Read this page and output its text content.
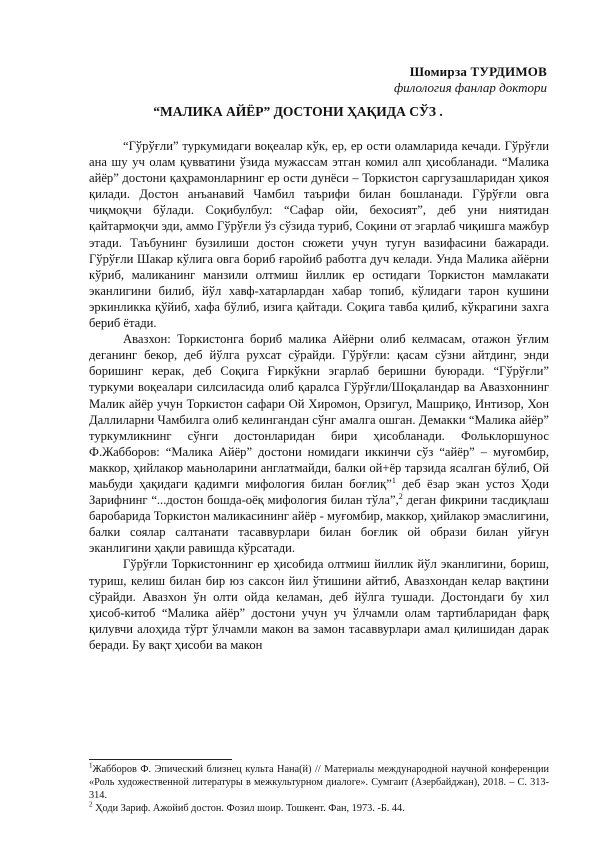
Шомирза ТУРДИМОВ
филология фанлар доктори
“МАЛИКА АЙЁР” ДОСТОНИ ҲАҚИДА СЎЗ .

“Гўрўғли” туркумидаги воқеалар кўк, ер, ер ости оламларида кечади. Гўрўғли ана шу уч олам қувватини ўзида мужассам этган комил алп ҳисобланади. “Малика айёр” достони қаҳрамонларнинг ер ости дунёси – Торкистон саргузашларидан ҳикоя қилади. Достон анъанавий Чамбил таърифи билан бошланади. Гўрўғли овга чиқмоқчи бўлади. Соқибулбул: “Сафар ойи, бехосият”, деб уни ниятидан қайтармоқчи эди, аммо Гўрўғли ўз сўзида туриб, Соқини от эгарлаб чиқишга мажбур этади. Таъбунинг бузилиши достон сюжети учун тугун вазифасини бажаради. Гўрўғли Шакар кўлига овга бориб ғаройиб работга дуч келади. Унда Малика айёрни кўриб, маликанинг манзили олтмиш йиллик ер остидаги Торкистон мамлакати эканлигини билиб, йўл хавф-хатарлардан хабар топиб, кўлидаги тарон кушини эркинликка қўйиб, хафа бўлиб, изига қайтади. Соқига тавба қилиб, кўкрагини захга бериб ётади.

Авазхон: Торкистонга бориб малика Айёрни олиб келмасам, отажон ўғлим деганинг бекор, деб йўлга рухсат сўрайди. Гўрўғли: қасам сўзни айтдинг, энди боришинг керак, деб Соқига Ғиркўкни эгарлаб беришни буюради. “Гўрўғли” туркуми воқеалари силсиласида олиб қаралса Гўрўғли/Шоқаландар ва Авазхоннинг Малик айёр учун Торкистон сафари Ой Хиромон, Орзигул, Машриқо, Интизор, Хон Даллиларни Чамбилга олиб келингандан сўнг амалга ошган. Демакки “Малика айёр” туркумликнинг сўнги достонларидан бири ҳисобланади. Фольклоршунос Ф.Жабборов: “Малика Айёр” достони номидаги иккинчи сўз “айёр” – муғомбир, маккор, ҳийлакор маьноларини англатмайди, балки ой+ёр тарзида ясалган бўлиб, Ой маьбуди ҳақидаги қадимги мифология билан боғлиқ”$^1$ деб ёзар экан устоз Ҳоди Зарифнинг “...достон бошда-оёқ мифология билан тўла”,$^2$ деган фикрини тасдиқлаш баробарида Торкистон маликасининг айёр - муғомбир, маккор, ҳийлакор эмаслигини, балки соялар салтанати тасаввурлари билан боғлик ой образи билан уйғун эканлигини ҳақли равишда кўрсатади.

Гўрўғли Торкистоннинг ер ҳисобида олтмиш йиллик йўл эканлигини, бориш, туриш, келиш билан бир юз саксон йил ўтишини айтиб, Авазхондан келар вақтини сўрайди. Авазхон ўн олти ойда келаман, деб йўлга тушади. Достондаги бу хил ҳисоб-китоб “Малика айёр” достони учун уч ўлчамли олам тартибларидан фарқ қилувчи алоҳида тўрт ўлчамли макон ва замон тасаввурлари амал қилишидан дарак беради. Бу вақт ҳисоби ва макон

$^1$Жабборов Ф. Эпический близнец культа Нана(й) // Материалы международной научной конференции «Роль художественной литературы в межкультурном диалоге». Сумгаит (Азербайджан), 2018. – С. 313-314.

$^2$ Ҳоди Зариф. Ажойиб достон. Фозил шоир. Тошкент. Фан, 1973. -Б. 44.
